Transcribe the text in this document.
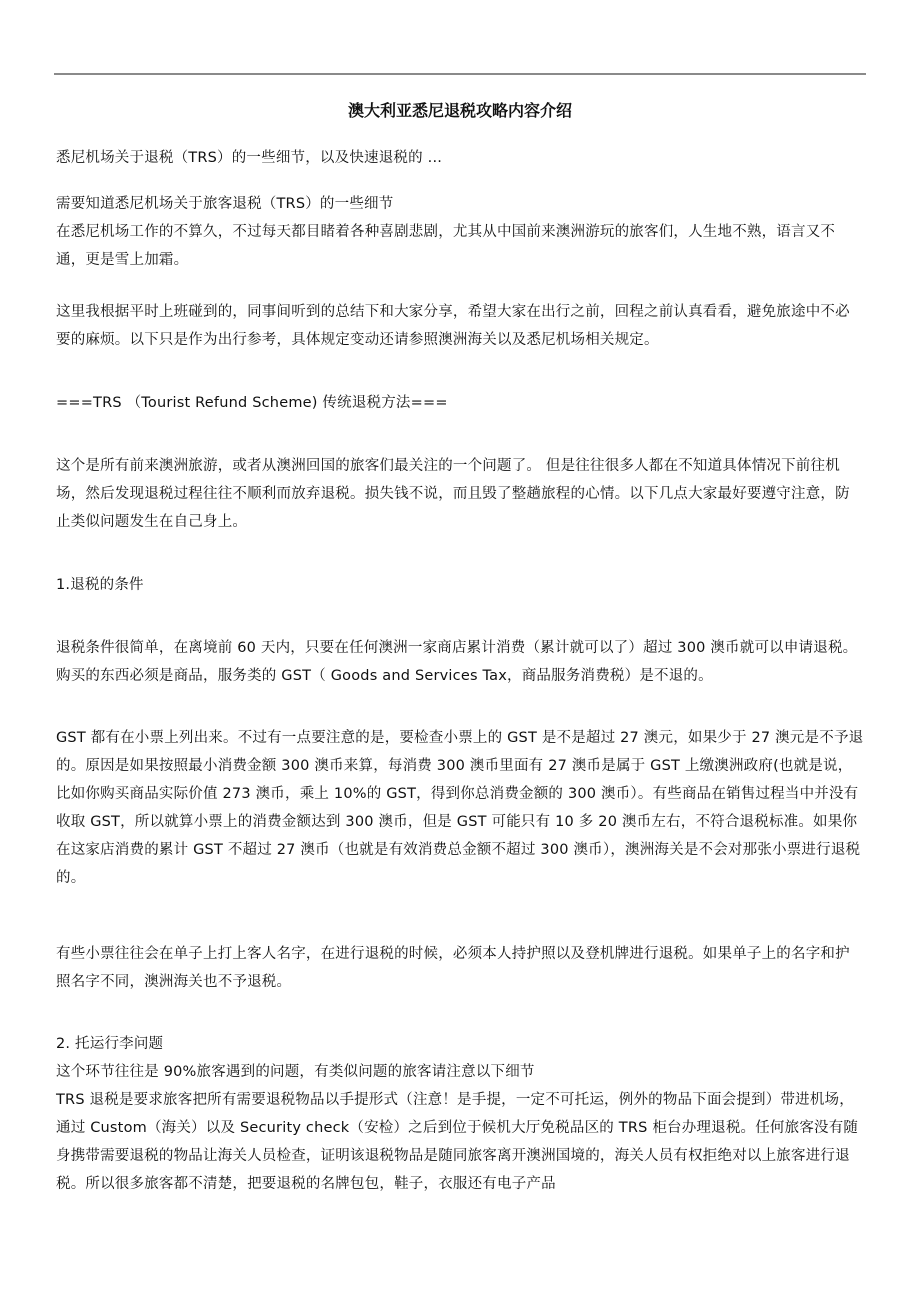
澳大利亚悉尼退税攻略内容介绍
悉尼机场关于退税（TRS）的一些细节，以及快速退税的 ...
需要知道悉尼机场关于旅客退税（TRS）的一些细节
在悉尼机场工作的不算久，不过每天都目睹着各种喜剧悲剧，尤其从中国前来澳洲游玩的旅客们，人生地不熟，语言又不通，更是雪上加霜。
这里我根据平时上班碰到的，同事间听到的总结下和大家分享，希望大家在出行之前，回程之前认真看看，避免旅途中不必要的麻烦。以下只是作为出行参考，具体规定变动还请参照澳洲海关以及悉尼机场相关规定。
===TRS （Tourist Refund Scheme) 传统退税方法===
这个是所有前来澳洲旅游，或者从澳洲回国的旅客们最关注的一个问题了。 但是往往很多人都在不知道具体情况下前往机场，然后发现退税过程往往不顺利而放弃退税。损失钱不说，而且毁了整趟旅程的心情。以下几点大家最好要遵守注意，防止类似问题发生在自己身上。
1.退税的条件
退税条件很简单，在离境前 60 天内，只要在任何澳洲一家商店累计消费（累计就可以了）超过 300 澳币就可以申请退税。购买的东西必须是商品，服务类的 GST（ Goods and Services Tax，商品服务消费税）是不退的。
GST 都有在小票上列出来。不过有一点要注意的是，要检查小票上的 GST 是不是超过 27 澳元，如果少于 27 澳元是不予退的。原因是如果按照最小消费金额 300 澳币来算，每消费 300 澳币里面有 27 澳币是属于 GST 上缴澳洲政府(也就是说，比如你购买商品实际价值 273 澳币，乘上 10%的 GST，得到你总消费金额的 300 澳币）。有些商品在销售过程当中并没有收取 GST，所以就算小票上的消费金额达到 300 澳币，但是 GST 可能只有 10 多 20 澳币左右，不符合退税标准。如果你在这家店消费的累计 GST 不超过 27 澳币（也就是有效消费总金额不超过 300 澳币），澳洲海关是不会对那张小票进行退税的。
有些小票往往会在单子上打上客人名字，在进行退税的时候，必须本人持护照以及登机牌进行退税。如果单子上的名字和护照名字不同，澳洲海关也不予退税。
2. 托运行李问题
这个环节往往是 90%旅客遇到的问题，有类似问题的旅客请注意以下细节
TRS 退税是要求旅客把所有需要退税物品以手提形式（注意！是手提，一定不可托运，例外的物品下面会提到）带进机场，通过 Custom（海关）以及 Security check（安检）之后到位于候机大厅免税品区的 TRS 柜台办理退税。任何旅客没有随身携带需要退税的物品让海关人员检查，证明该退税物品是随同旅客离开澳洲国境的，海关人员有权拒绝对以上旅客进行退税。所以很多旅客都不清楚，把要退税的名牌包包，鞋子，衣服还有电子产品
